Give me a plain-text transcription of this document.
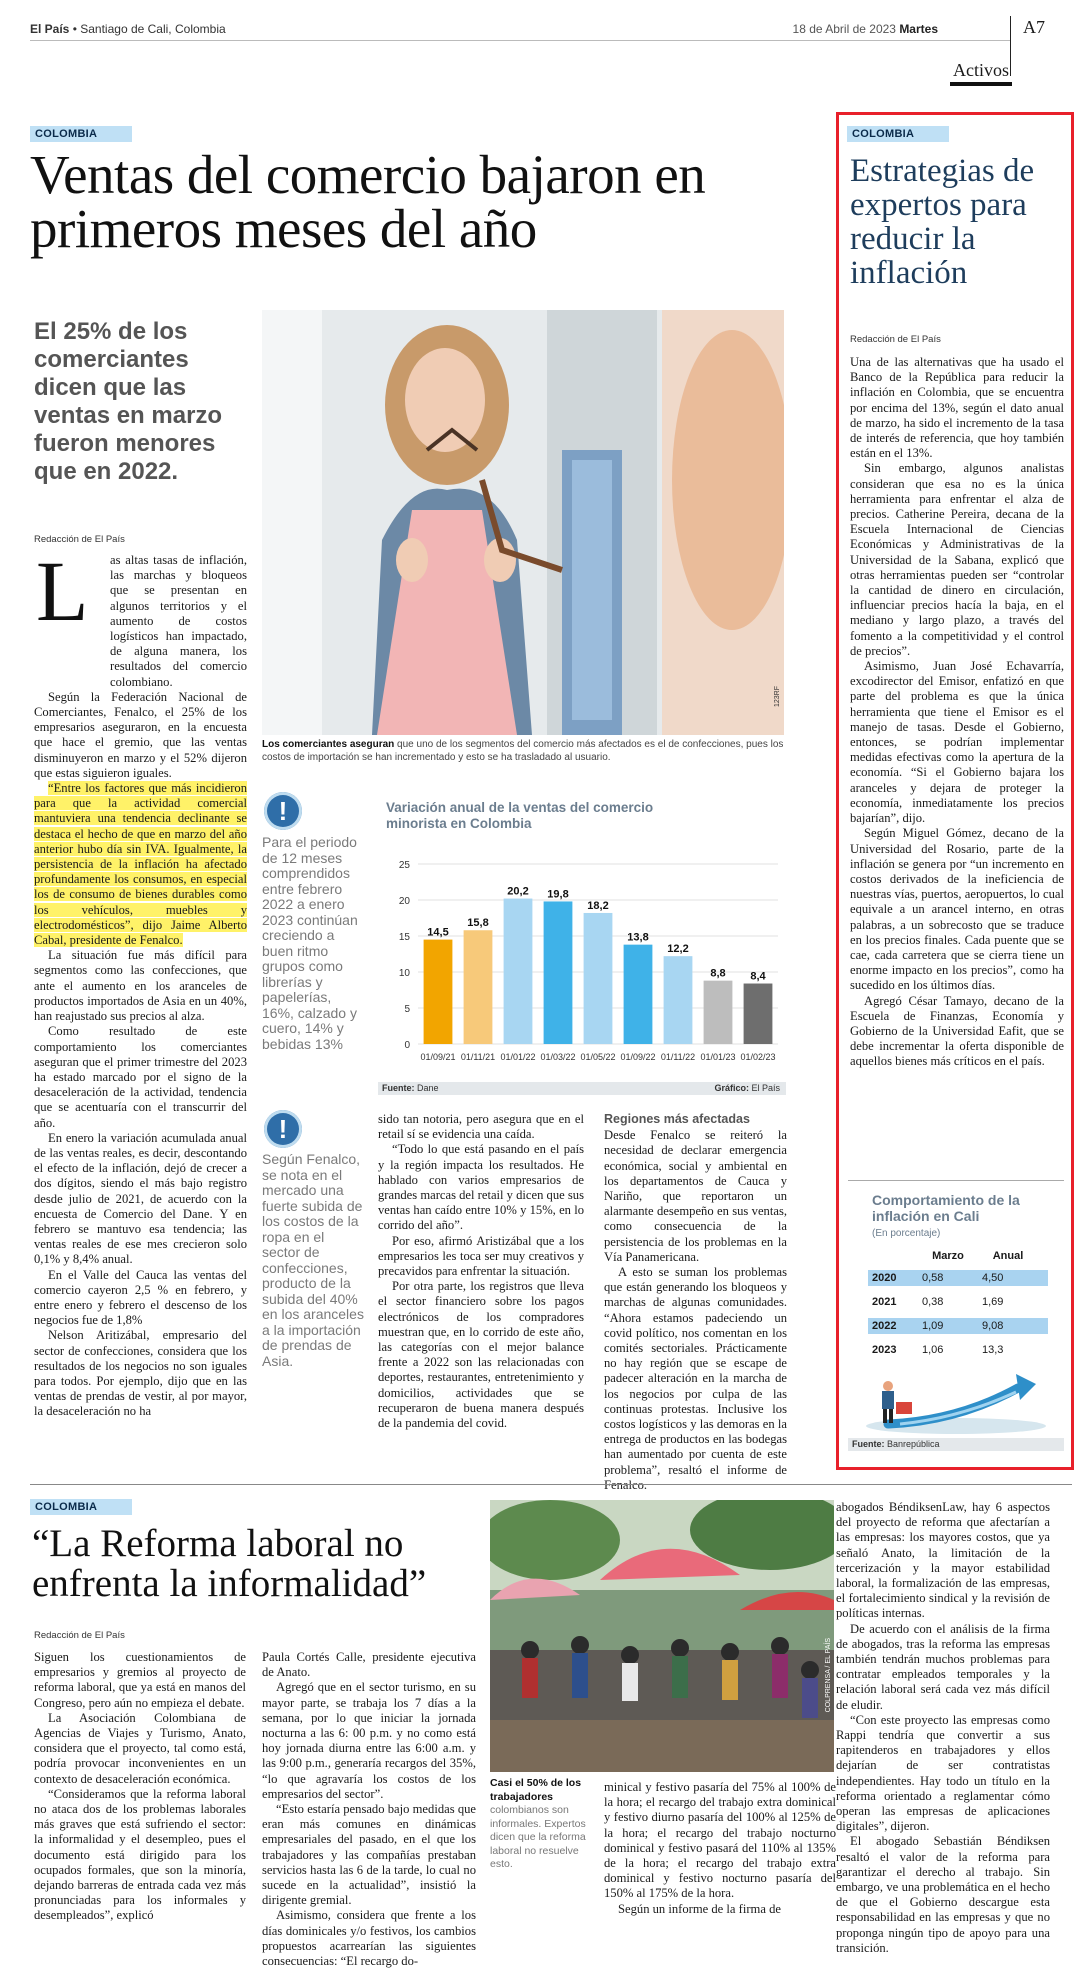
El País • Santiago de Cali, Colombia	18 de Abril de 2023 Martes	A7
Activos
COLOMBIA
Ventas del comercio bajaron en primeros meses del año
El 25% de los comerciantes dicen que las ventas en marzo fueron menores que en 2022.
Redacción de El País
123RF
Los comerciantes aseguran que uno de los segmentos del comercio más afectados es el de confecciones, pues los costos de importación se han incrementado y esto se ha trasladado al usuario.
L	as altas tasas de inflación, las marchas y bloqueos que se presentan en algunos territorios y el aumento de costos logísticos han impactado, de alguna manera, los resultados del comercio colombiano.

Según la Federación Nacional de Comerciantes, Fenalco, el 25% de los empresarios aseguraron, en la encuesta que hace el gremio, que las ventas disminuyeron en marzo y el 52% dijeron que estas siguieron iguales.

“Entre los factores que más incidieron para que la actividad comercial mantuviera una tendencia declinante se destaca el hecho de que en marzo del año anterior hubo día sin IVA. Igualmente, la persistencia de la inflación ha afectado profundamente los consumos, en especial los de consumo de bienes durables como los vehículos, muebles y electrodomésticos”, dijo Jaime Alberto Cabal, presidente de Fenalco.

La situación fue más difícil para segmentos como las confecciones, que ante el aumento en los aranceles de productos importados de Asia en un 40%, han reajustado sus precios al alza.

Como resultado de este comportamiento los comerciantes aseguran que el primer trimestre del 2023 ha estado marcado por el signo de la desaceleración de la actividad, tendencia que se acentuaría con el transcurrir del año.

En enero la variación acumulada anual de las ventas reales, es decir, descontando el efecto de la inflación, dejó de crecer a dos dígitos, siendo el más bajo registro desde julio de 2021, de acuerdo con la encuesta de Comercio del Dane. Y en febrero se mantuvo esa tendencia; las ventas reales de ese mes crecieron solo 0,1% y 8,4% anual.

En el Valle del Cauca las ventas del comercio cayeron 2,5 % en febrero, y entre enero y febrero el descenso de los negocios fue de 1,8%

Nelson Aritizábal, empresario del sector de confecciones, considera que los resultados de los negocios no son iguales para todos. Por ejemplo, dijo que en las ventas de prendas de vestir, al por mayor, la desaceleración no ha

!
Para el periodo de 12 meses comprendidos entre febrero 2022 a enero 2023 continúan creciendo a buen ritmo grupos como librerías y papelerías, 16%, calzado y cuero, 14% y bebidas 13%
!
Según Fenalco, se nota en el mercado una fuerte subida de los costos de la ropa en el sector de confecciones, producto de la subida del 40% en los aranceles a la importación de prendas de Asia.
Variación anual de la ventas del comercio minorista en Colombia
0
5
10
15
20
25
14,5
01/09/21
15,8
01/11/21
20,2
01/01/22
19,8
01/03/22
18,2
01/05/22
13,8
01/09/22
12,2
01/11/22
8,8
01/01/23
8,4
01/02/23
Fuente: Dane	Gráfico: El País

sido tan notoria, pero asegura que en el retail sí se evidencia una caída.

“Todo lo que está pasando en el país y la región impacta los resultados. He hablado con varios empresarios de grandes marcas del retail y dicen que sus ventas han caído entre 10% y 15%, en lo corrido del año”.

Por eso, afirmó Aristizábal que a los empresarios les toca ser muy creativos y precavidos para enfrentar la situación.

Por otra parte, los registros que lleva el sector financiero sobre los pagos electrónicos de los compradores muestran que, en lo corrido de este año, las categorías con el mejor balance frente a 2022 son las relacionadas con deportes, restaurantes, entretenimiento y domicilios, actividades que se recuperaron de buena manera después de la pandemia del covid.

Regiones más afectadas

Desde Fenalco se reiteró la necesidad de declarar emergencia económica, social y ambiental en los departamentos de Cauca y Nariño, que reportaron un alarmante desempeño en sus ventas, como consecuencia de la persistencia de los problemas en la Vía Panamericana.

A esto se suman los problemas que están generando los bloqueos y marchas de algunas comunidades. “Ahora estamos padeciendo un covid político, nos comentan en los comités sectoriales. Prácticamente no hay región que se escape de padecer alteración en la marcha de los negocios por culpa de las continuas protestas. Inclusive los costos logísticos y las demoras en la entrega de productos en las bodegas han aumentado por cuenta de este problema”, resaltó el informe de

COLOMBIA
Estrategias de expertos para reducir la inflación
Redacción de El País

Una de las alternativas que ha usado el Banco de la República para reducir la inflación en Colombia, que se encuentra por encima del 13%, según el dato anual de marzo, ha sido el incremento de la tasa de interés de referencia, que hoy también están en el 13%.

Sin embargo, algunos analistas consideran que esa no es la única herramienta para enfrentar el alza de precios. Catherine Pereira, decana de la Escuela Internacional de Ciencias Económicas y Administrativas de la Universidad de la Sabana, explicó que otras herramientas pueden ser “controlar la cantidad de dinero en circulación, influenciar precios hacía la baja, en el mediano y largo plazo, a través del fomento a la competitividad y el control de precios”.

Asimismo, Juan José Echavarría, excodirector del Emisor, enfatizó en que parte del problema es que la única herramienta que tiene el Emisor es el manejo de tasas. Desde el Gobierno, entonces, se podrían implementar medidas efectivas como la apertura de la economía. “Si el Gobierno bajara los aranceles y dejara de proteger la economía, inmediatamente los precios bajarían”, dijo.

Según Miguel Gómez, decano de la Universidad del Rosario, parte de la inflación se genera por “un incremento en costos derivados de la ineficiencia de nuestras vías, puertos, aeropuertos, lo cual equivale a un arancel interno, en otras palabras, a un sobrecosto que se traduce en los precios finales. Cada puente que se cae, cada carretera que se cierra tiene un enorme impacto en los precios”, como ha sucedido en los últimos días.

Agregó César Tamayo, decano de la Escuela de Finanzas, Economía y Gobierno de la Universidad Eafit, que se debe incrementar la oferta disponible de aquellos bienes más críticos en el país.

Comportamiento de la inflación en Cali
(En porcentaje)
Marzo	Anual
2020	0,58	4,50
2021	0,38	1,69
2022	1,09	9,08
2023	1,06	13,3
Fuente: Banrepública
COLOMBIA
“La Reforma laboral no enfrenta la informalidad”
Redacción de El País

Siguen los cuestionamientos de empresarios y gremios al proyecto de reforma laboral, que ya está en manos del Congreso, pero aún no empieza el debate.

La Asociación Colombiana de Agencias de Viajes y Turismo, Anato, considera que el proyecto, tal como está, podría provocar inconvenientes en un contexto de desaceleración económica.

“Consideramos que la reforma laboral no ataca dos de los problemas laborales más graves que está sufriendo el sector: la informalidad y el desempleo, pues el documento está dirigido para los ocupados formales, que son la minoría, dejando barreras de entrada cada vez más pronunciadas para los informales y desempleados”, explicó

Paula Cortés Calle, presidente ejecutiva de Anato.

Agregó que en el sector turismo, en su mayor parte, se trabaja los 7 días a la semana, por lo que iniciar la jornada nocturna a las 6: 00 p.m. y no como está hoy jornada diurna entre las 6:00 a.m. y las 9:00 p.m., generaría recargos del 35%, “lo que agravaría los costos de los empresarios del sector”.

“Esto estaría pensado bajo medidas que eran más comunes en dinámicas empresariales del pasado, en el que los trabajadores y las compañías prestaban servicios hasta las 6 de la tarde, lo cual no sucede en la actualidad”, insistió la dirigente gremial.

Asimismo, considera que frente a los días dominicales y/o festivos, los cambios propuestos acarrearían las siguientes consecuencias: “El recargo do-

COLPRENSA / EL PAÍS
Casi el 50% de los trabajadores colombianos son informales. Expertos dicen que la reforma laboral no resuelve esto.

minical y festivo pasaría del 75% al 100% de la hora; el recargo del trabajo extra dominical y festivo diurno pasaría del 100% al 125% de la hora; el recargo del trabajo nocturno dominical y festivo pasará del 110% al 135% de la hora; el recargo del trabajo extra dominical y festivo nocturno pasaría del 150% al 175% de la hora.

Según un informe de la firma de

abogados BéndiksenLaw, hay 6 aspectos del proyecto de reforma que afectarían a las empresas: los mayores costos, que ya señaló Anato, la limitación de la tercerización y la mayor estabilidad laboral, la formalización de las empresas, el fortalecimiento sindical y la revisión de políticas internas.

De acuerdo con el análisis de la firma de abogados, tras la reforma las empresas también tendrán muchos problemas para contratar empleados temporales y la relación laboral será cada vez más difícil de eludir.

“Con este proyecto las empresas como Rappi tendría que convertir a sus rapitenderos en trabajadores y ellos dejarían de ser contratistas independientes. Hay todo un título en la reforma orientado a reglamentar cómo operan las empresas de aplicaciones digitales”, dijeron.

El abogado Sebastián Béndiksen resaltó el valor de la reforma para garantizar el derecho al trabajo. Sin embargo, ve una problemática en el hecho de que el Gobierno descargue esta responsabilidad en las empresas y que no proponga ningún tipo de apoyo para una transición.
